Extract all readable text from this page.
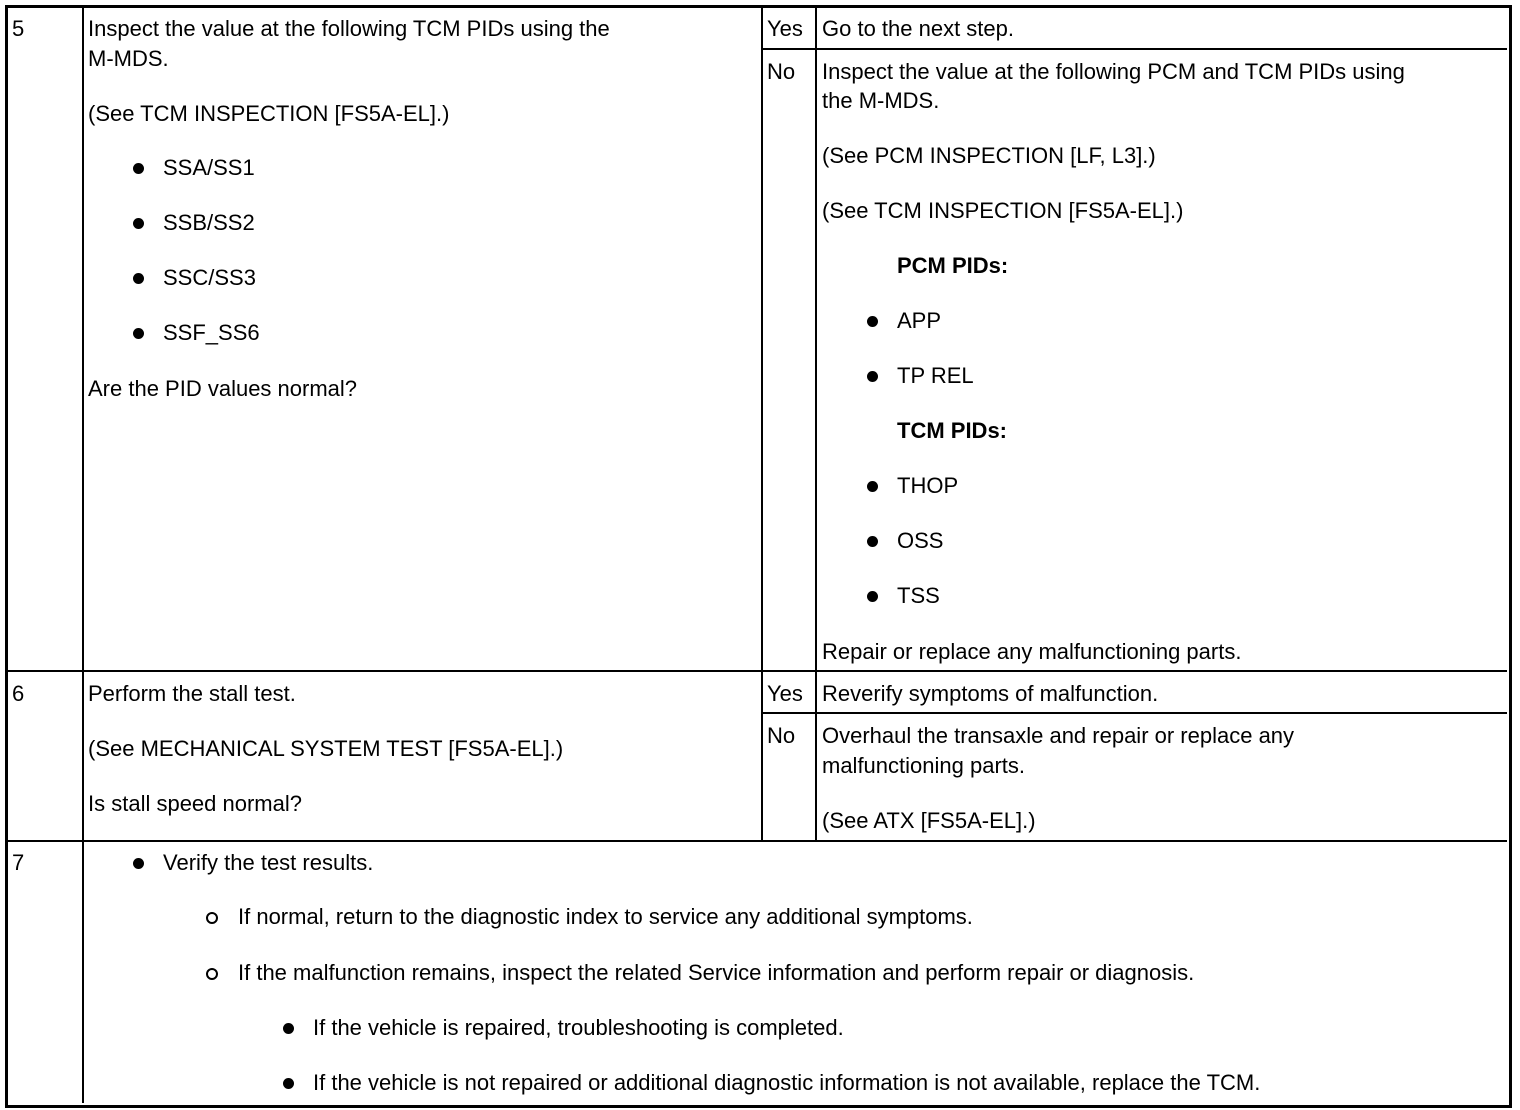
5	Inspect the value at the following TCM PIDs using the
M-MDS.
(See TCM INSPECTION [FS5A-EL].)
SSA/SS1
SSB/SS2
SSC/SS3
SSF_SS6
Are the PID values normal?
Yes Go to the next step.
No Inspect the value at the following PCM and TCM PIDs using
the M-MDS.
(See PCM INSPECTION [LF, L3].)
(See TCM INSPECTION [FS5A-EL].)
PCM PIDs:
APP
TP REL
TCM PIDs:
THOP
OSS
TSS
Repair or replace any malfunctioning parts.
6	Perform the stall test.
(See MECHANICAL SYSTEM TEST [FS5A-EL].)
Is stall speed normal?
Yes Reverify symptoms of malfunction.
No Overhaul the transaxle and repair or replace any
malfunctioning parts.
(See ATX [FS5A-EL].)
7	Verify the test results.
If normal, return to the diagnostic index to service any additional symptoms.
If the malfunction remains, inspect the related Service information and perform repair or diagnosis.
If the vehicle is repaired, troubleshooting is completed.
If the vehicle is not repaired or additional diagnostic information is not available, replace the TCM.
